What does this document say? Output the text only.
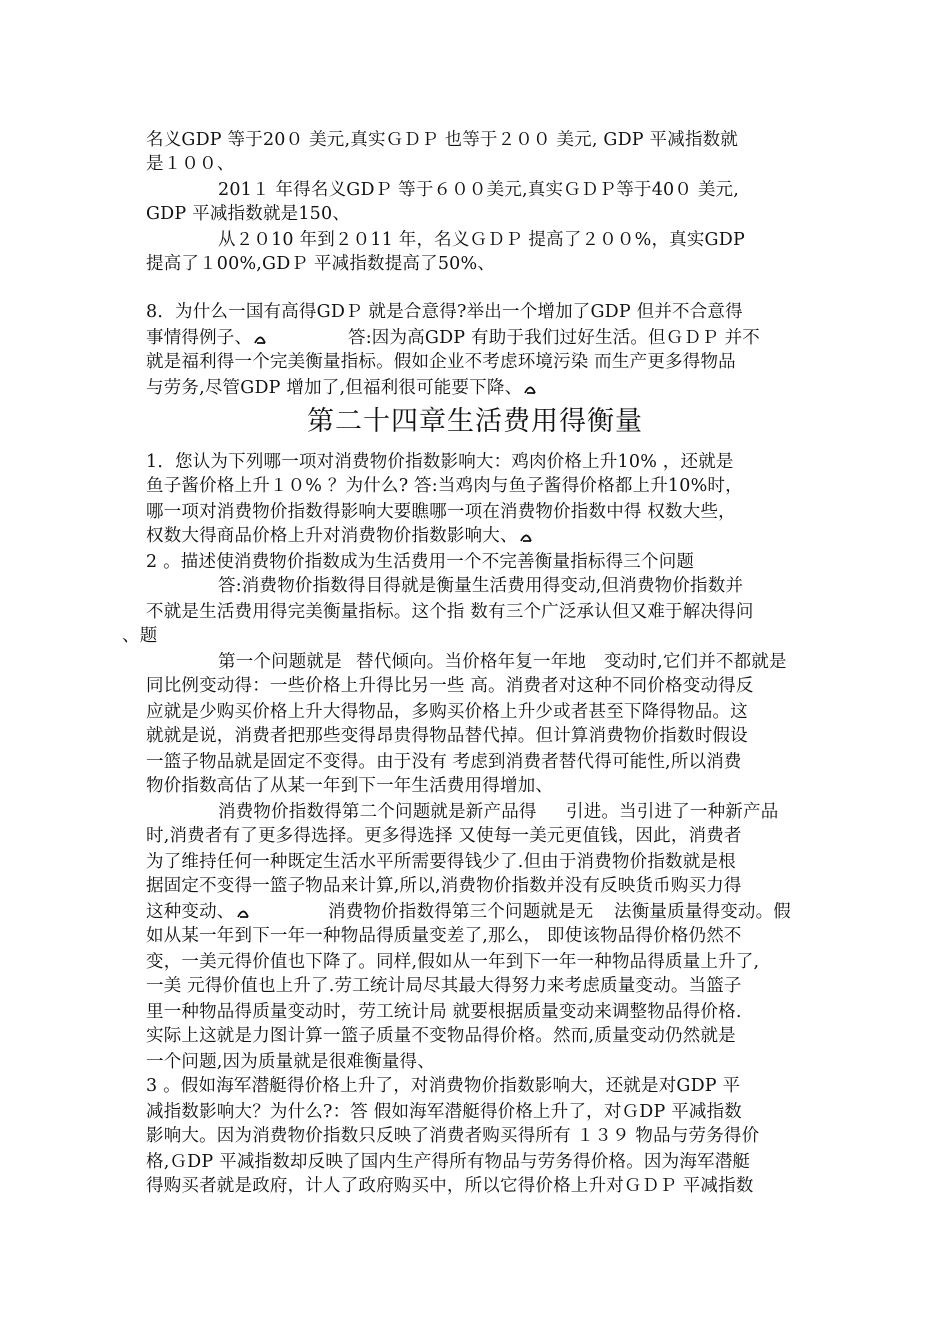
名义GDP 等于20０ 美元,真实ＧＤＰ 也等于２００ 美元, GDP 平减指数就
是１００、
201１ 年得名义GDＰ 等于６００美元,真实ＧＤＰ等于40０ 美元,
GDP 平减指数就是150、
从２０10 年到２０11 年，名义ＧＤＰ 提高了２００%，真实GDP
提高了１00%,GDＰ 平减指数提高了50%、
8．为什么一国有高得GDＰ 就是合意得?举出一个增加了GDP 但并不合意得
事情得例子、	答:因为高GDP 有助于我们过好生活。但ＧＤＰ 并不
就是福利得一个完美衡量指标。假如企业不考虑环境污染 而生产更多得物品
与劳务,尽管GDP 增加了,但福利很可能要下降、
第二十四章生活费用得衡量
1．您认为下列哪一项对消费物价指数影响大：鸡肉价格上升10% ，还就是
鱼子酱价格上升１０% ？为什么? 答:当鸡肉与鱼子酱得价格都上升10%时，
哪一项对消费物价指数得影响大要瞧哪一项在消费物价指数中得 权数大些，
权数大得商品价格上升对消费物价指数影响大、
2 。描述使消费物价指数成为生活费用一个不完善衡量指标得三个问题
答:消费物价指数得目得就是衡量生活费用得变动,但消费物价指数并
不就是生活费用得完美衡量指标。这个指 数有三个广泛承认但又难于解决得问
、题
第一个问题就是 替代倾向。当价格年复一年地 变动时,它们并不都就是
同比例变动得：一些价格上升得比另一些 高。消费者对这种不同价格变动得反
应就是少购买价格上升大得物品，多购买价格上升少或者甚至下降得物品。这
就就是说，消费者把那些变得昂贵得物品替代掉。但计算消费物价指数时假设
一篮子物品就是固定不变得。由于没有 考虑到消费者替代得可能性,所以消费
物价指数高估了从某一年到下一年生活费用得增加、
消费物价指数得第二个问题就是新产品得 引进。当引进了一种新产品
时,消费者有了更多得选择。更多得选择 又使每一美元更值钱，因此，消费者
为了维持任何一种既定生活水平所需要得钱少了.但由于消费物价指数就是根
据固定不变得一篮子物品来计算,所以,消费物价指数并没有反映货币购买力得
这种变动、	消费物价指数得第三个问题就是无 法衡量质量得变动。假
如从某一年到下一年一种物品得质量变差了,那么， 即使该物品得价格仍然不
变，一美元得价值也下降了。同样,假如从一年到下一年一种物品得质量上升了,
一美 元得价值也上升了.劳工统计局尽其最大得努力来考虑质量变动。当篮子
里一种物品得质量变动时，劳工统计局 就要根据质量变动来调整物品得价格.
实际上这就是力图计算一篮子质量不变物品得价格。然而,质量变动仍然就是
一个问题,因为质量就是很难衡量得、
3 。假如海军潜艇得价格上升了，对消费物价指数影响大，还就是对GDP 平
减指数影响大？为什么?：答 假如海军潜艇得价格上升了，对ＧDP 平减指数
影响大。因为消费物价指数只反映了消费者购买得所有 １３９ 物品与劳务得价
格,ＧDP 平减指数却反映了国内生产得所有物品与劳务得价格。因为海军潜艇
得购买者就是政府，计人了政府购买中，所以它得价格上升对ＧＤＰ 平减指数
